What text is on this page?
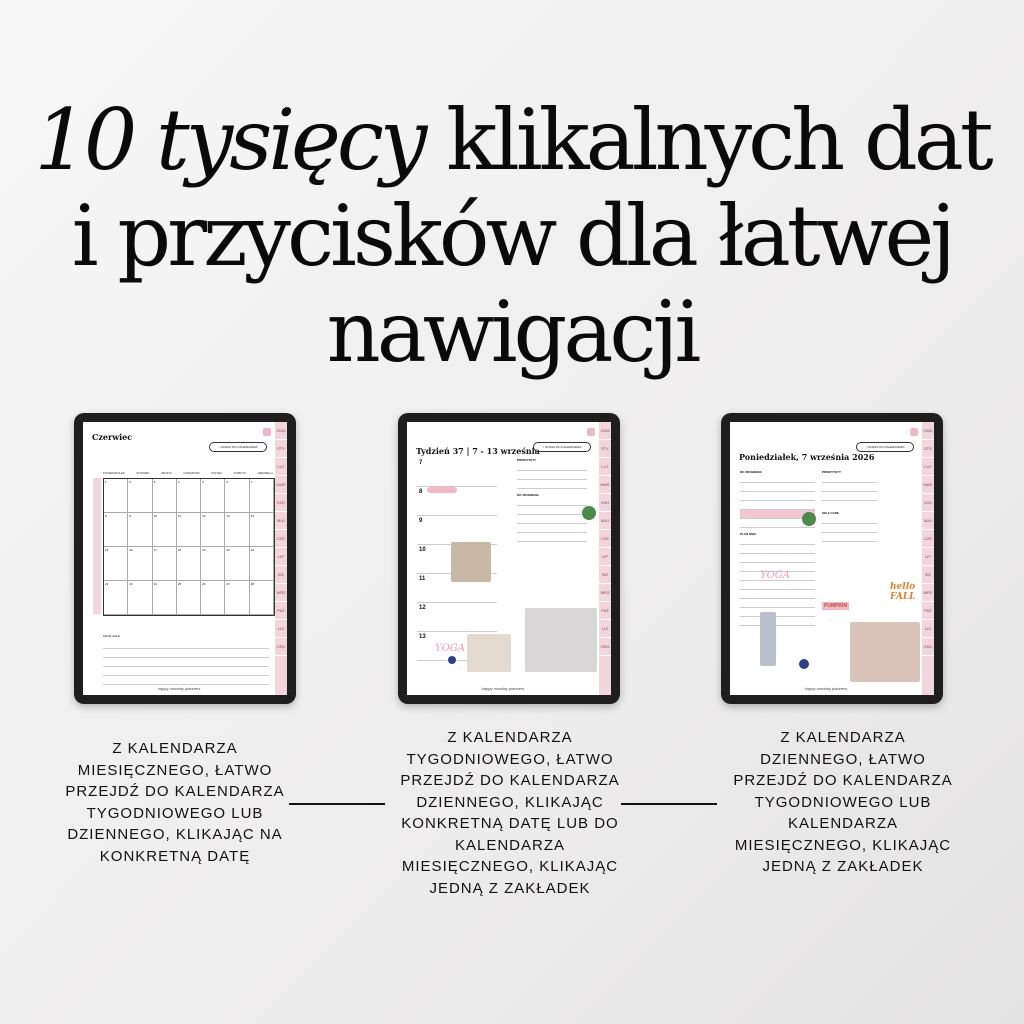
10 tysięcy klikalnych dat
i przycisków dla łatwej
nawigacji
< DODAJ DO KALENDARZA
Czerwiec
PONIEDZIAŁEK	WTOREK	ŚRODA	CZWARTEK	PIĄTEK	SOBOTA	NIEDZIELA
1	2	3	4	5	6	7
8	9	10	11	12	13	14
15	16	17	18	19	20	21
22	23	24	25	26	27	28
MOJE CELE
2026
STY
LUT
MAR
KWI
MAJ
CZE
LIP
SIE
WRZ
PAŹ
LIS
GRU
happy monday planners
< DODAJ DO KALENDARZA
Tydzień 37 | 7 - 13 września
7
8
9
10
11
12
13
PRIORYTETY
DO ZROBIENIA
YOGA
2026
STY
LUT
MAR
KWI
MAJ
CZE
LIP
SIE
WRZ
PAŹ
LIS
GRU
happy monday planners
< DODAJ DO KALENDARZA
Poniedziałek, 7 września 2026
DO ZROBIENIA
PLAN DNIA
PRIORYTETY
SELF CARE
YOGA
PUMPKIN
hello FALL
2026
STY
LUT
MAR
KWI
MAJ
CZE
LIP
SIE
WRZ
PAŹ
LIS
GRU
happy monday planners
Z KALENDARZA MIESIĘCZNEGO, ŁATWO PRZEJDŹ DO KALENDARZA TYGODNIOWEGO LUB DZIENNEGO, KLIKAJĄC NA KONKRETNĄ DATĘ
Z KALENDARZA TYGODNIOWEGO, ŁATWO PRZEJDŹ DO KALENDARZA DZIENNEGO, KLIKAJĄC KONKRETNĄ DATĘ LUB DO KALENDARZA MIESIĘCZNEGO, KLIKAJĄC JEDNĄ Z ZAKŁADEK
Z KALENDARZA DZIENNEGO, ŁATWO PRZEJDŹ DO KALENDARZA TYGODNIOWEGO LUB KALENDARZA MIESIĘCZNEGO, KLIKAJĄC JEDNĄ Z ZAKŁADEK
